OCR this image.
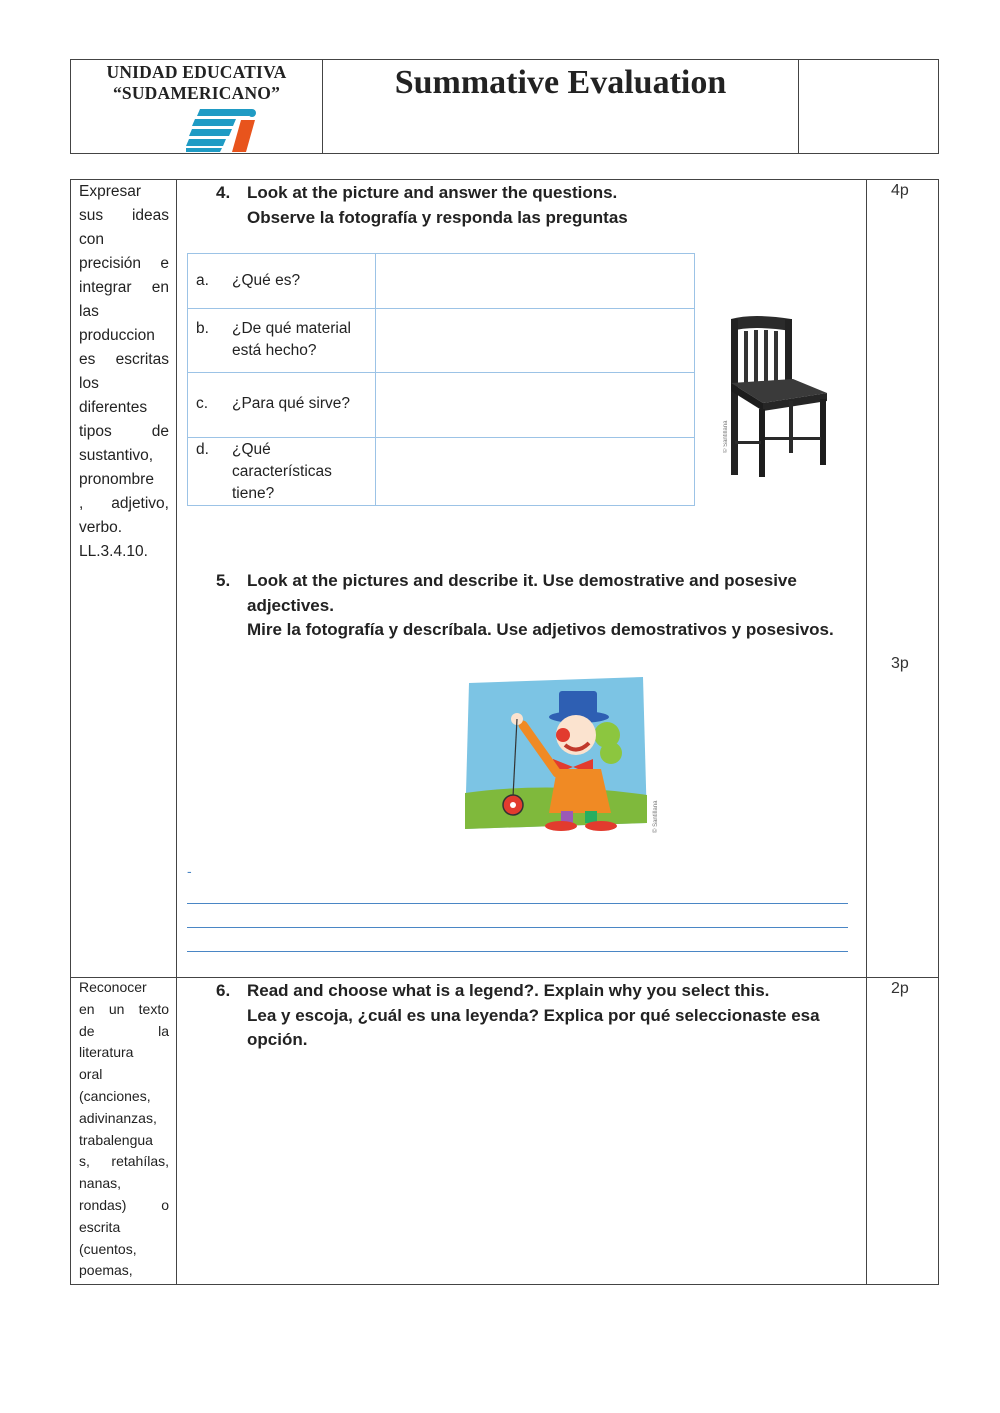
UNIDAD EDUCATIVA
“SUDAMERICANO”	Summative Evaluation
Expresar
sus ideas
con
precisión e
integrar en
las
produccion
es escritas
los
diferentes
tipos de
sustantivo,
pronombre
, adjetivo,
verbo.
LL.3.4.10.
4p
4. Look at the picture and answer the questions.
Observe la fotografía y responda las preguntas
a. ¿Qué es?
b. ¿De qué material está hecho?
c. ¿Para qué sirve?
d. ¿Qué características tiene?
© Santillana
3p
5. Look at the pictures and describe it. Use demostrative and posesive
adjectives.
Mire la fotografía y descríbala. Use adjetivos demostrativos y posesivos.
© Santillana
-
Reconocer
en un texto
de la
literatura
oral
(canciones,
adivinanzas,
trabalengua
s, retahílas,
nanas,
rondas) o
escrita
(cuentos,
poemas,
2p
6. Read and choose what is a legend?. Explain why you select this.
Lea y escoja, ¿cuál es una leyenda? Explica por qué seleccionaste esa
opción.
